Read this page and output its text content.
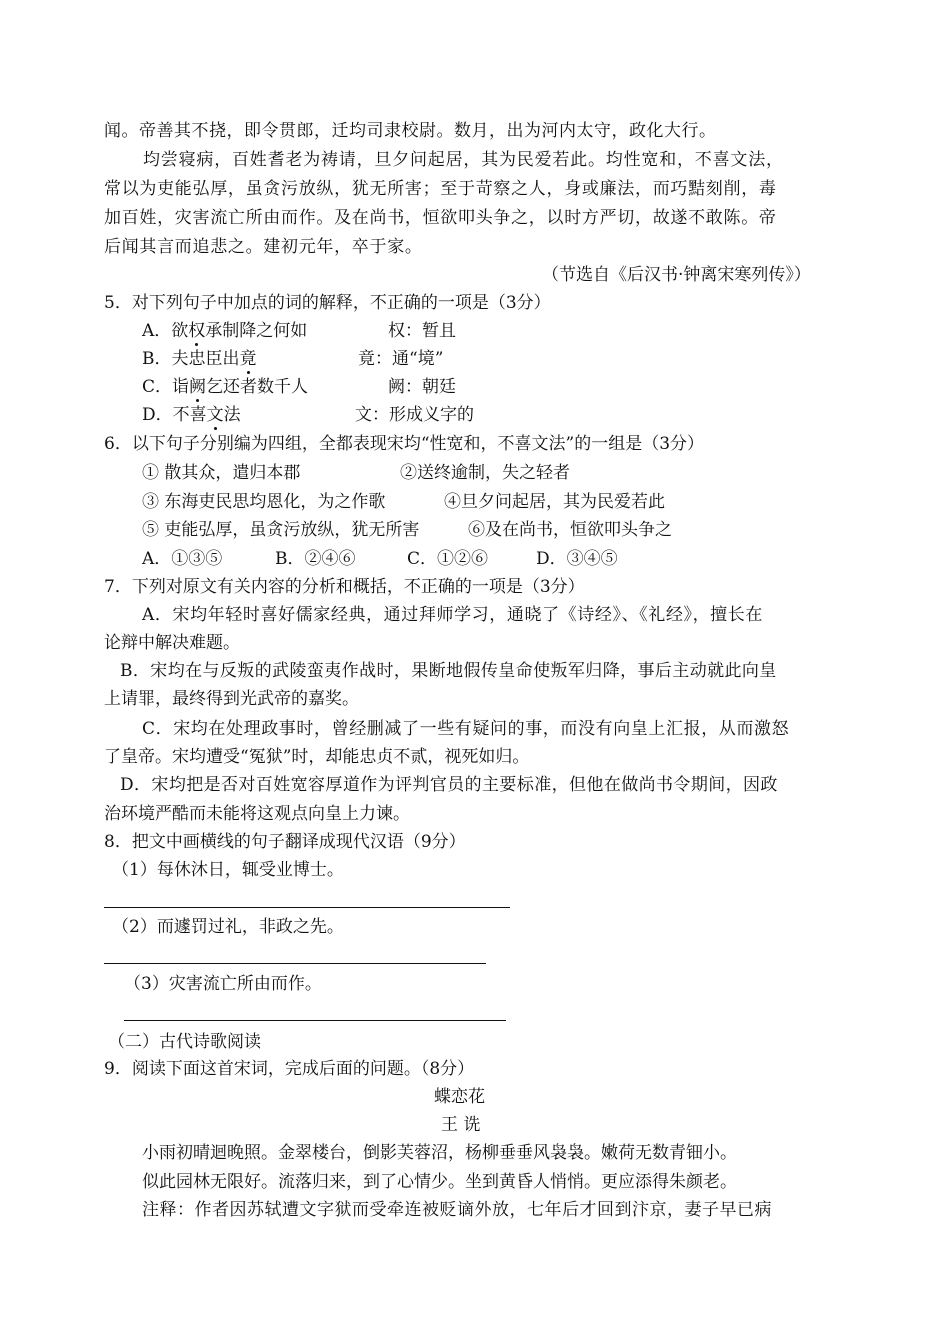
闻。帝善其不挠，即令贯郎，迁均司隶校尉。数月，出为河内太守，政化大行。
均尝寝病，百姓耆老为祷请，旦夕问起居，其为民爱若此。均性宽和，不喜文法，
常以为吏能弘厚，虽贪污放纵，犹无所害；至于苛察之人，身或廉法，而巧黠刻削，毒
加百姓，灾害流亡所由而作。及在尚书，恒欲叩头争之，以时方严切，故遂不敢陈。帝
后闻其言而追悲之。建初元年，卒于家。
（节选自《后汉书·钟离宋寒列传》）
5．对下列句子中加点的词的解释，不正确的一项是（3分）
A．欲权承制降之何如	权：暂且
B．夫忠臣出竟	竟：通“境”
C．诣阙乞还者数千人	阙：朝廷
D．不喜文法	文：形成义字的
6．以下句子分别编为四组，全都表现宋均“性宽和，不喜文法”的一组是（3分）
① 散其众，遣归本郡	②送终逾制，失之轻者
③ 东海吏民思均恩化，为之作歌	④旦夕问起居，其为民爱若此
⑤ 吏能弘厚，虽贪污放纵，犹无所害	⑥及在尚书，恒欲叩头争之
A．①③⑤	B．②④⑥	C．①②⑥	D．③④⑤
7．下列对原文有关内容的分析和概括，不正确的一项是（3分）
A．宋均年轻时喜好儒家经典，通过拜师学习，通晓了《诗经》、《礼经》，擅长在
论辩中解决难题。
B．宋均在与反叛的武陵蛮夷作战时，果断地假传皇命使叛军归降，事后主动就此向皇
上请罪，最终得到光武帝的嘉奖。
C．宋均在处理政事时，曾经删减了一些有疑问的事，而没有向皇上汇报，从而激怒
了皇帝。宋均遭受“冤狱”时，却能忠贞不贰，视死如归。
D．宋均把是否对百姓宽容厚道作为评判官员的主要标准，但他在做尚书令期间，因政
治环境严酷而未能将这观点向皇上力谏。
8．把文中画横线的句子翻译成现代汉语（9分）
（1）每休沐日，辄受业博士。
（2）而遽罚过礼，非政之先。
（3）灾害流亡所由而作。
（二）古代诗歌阅读
9．阅读下面这首宋词，完成后面的问题。（8分）
蝶恋花
王 诜
小雨初晴迴晚照。金翠楼台，倒影芙蓉沼，杨柳垂垂风袅袅。嫩荷无数青钿小。
似此园林无限好。流落归来，到了心情少。坐到黄昏人悄悄。更应添得朱颜老。
注释：作者因苏轼遭文字狱而受牵连被贬谪外放，七年后才回到汴京，妻子早已病
